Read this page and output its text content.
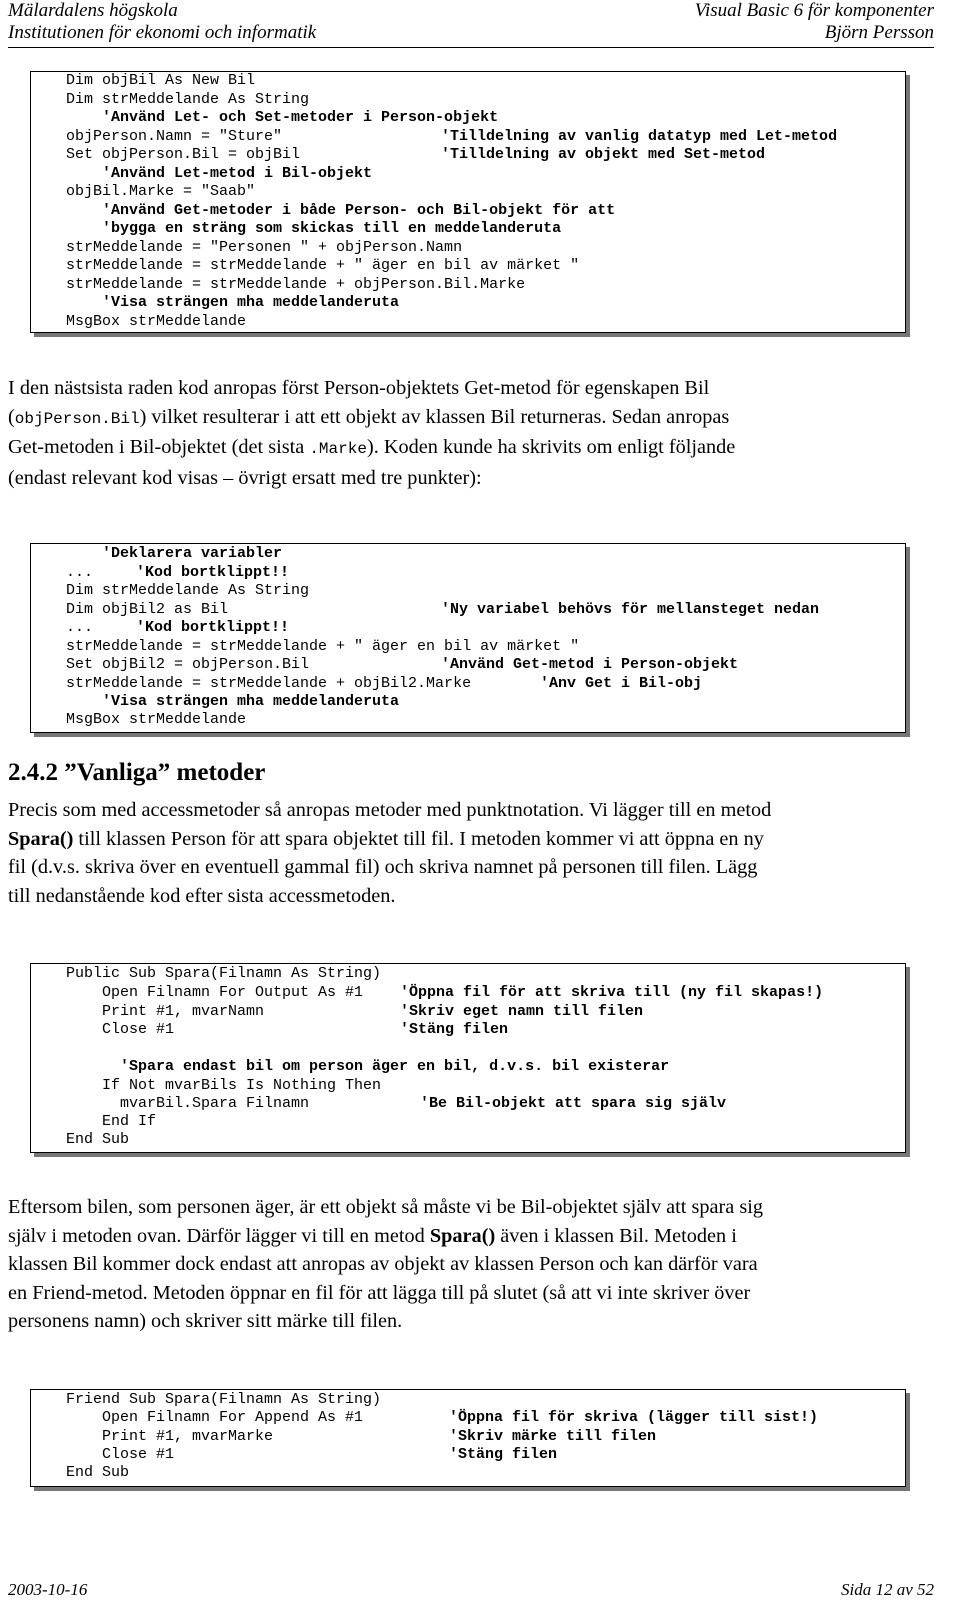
Mälardalens högskola
Institutionen för ekonomi och informatik
Visual Basic 6 för komponenter
Björn Persson
Dim objBil As New Bil
Dim strMeddelande As String
'Använd Let- och Set-metoder i Person-objekt
objPerson.Namn = "Sture"	'Tilldelning av vanlig datatyp med Let-metod
Set objPerson.Bil = objBil	'Tilldelning av objekt med Set-metod
'Använd Let-metod i Bil-objekt
objBil.Marke = "Saab"
'Använd Get-metoder i både Person- och Bil-objekt för att
'bygga en sträng som skickas till en meddelanderuta
strMeddelande = "Personen " + objPerson.Namn
strMeddelande = strMeddelande + " äger en bil av märket "
strMeddelande = strMeddelande + objPerson.Bil.Marke
'Visa strängen mha meddelanderuta
MsgBox strMeddelande
I den nästsista raden kod anropas först Person-objektets Get-metod för egenskapen Bil
(objPerson.Bil) vilket resulterar i att ett objekt av klassen Bil returneras. Sedan anropas
Get-metoden i Bil-objektet (det sista .Marke). Koden kunde ha skrivits om enligt följande
(endast relevant kod visas – övrigt ersatt med tre punkter):
'Deklarera variabler
...	'Kod bortklippt!!
Dim strMeddelande As String
Dim objBil2 as Bil	'Ny variabel behövs för mellansteget nedan
...	'Kod bortklippt!!
strMeddelande = strMeddelande + " äger en bil av märket "
Set objBil2 = objPerson.Bil	'Använd Get-metod i Person-objekt
strMeddelande = strMeddelande + objBil2.Marke	'Anv Get i Bil-obj
'Visa strängen mha meddelanderuta
MsgBox strMeddelande
2.4.2 ”Vanliga” metoder
Precis som med accessmetoder så anropas metoder med punktnotation. Vi lägger till en metod
Spara() till klassen Person för att spara objektet till fil. I metoden kommer vi att öppna en ny
fil (d.v.s. skriva över en eventuell gammal fil) och skriva namnet på personen till filen. Lägg
till nedanstående kod efter sista accessmetoden.
Public Sub Spara(Filnamn As String)
Open Filnamn For Output As #1 'Öppna fil för att skriva till (ny fil skapas!)
Print #1, mvarNamn	'Skriv eget namn till filen
Close #1	'Stäng filen
'Spara endast bil om person äger en bil, d.v.s. bil existerar
If Not mvarBils Is Nothing Then
mvarBil.Spara Filnamn	'Be Bil-objekt att spara sig själv
End If
End Sub
Eftersom bilen, som personen äger, är ett objekt så måste vi be Bil-objektet själv att spara sig
själv i metoden ovan. Därför lägger vi till en metod Spara() även i klassen Bil. Metoden i
klassen Bil kommer dock endast att anropas av objekt av klassen Person och kan därför vara
en Friend-metod. Metoden öppnar en fil för att lägga till på slutet (så att vi inte skriver över
personens namn) och skriver sitt märke till filen.
Friend Sub Spara(Filnamn As String)
Open Filnamn For Append As #1	'Öppna fil för skriva (lägger till sist!)
Print #1, mvarMarke	'Skriv märke till filen
Close #1	'Stäng filen
End Sub
2003-10-16	Sida 12 av 52
